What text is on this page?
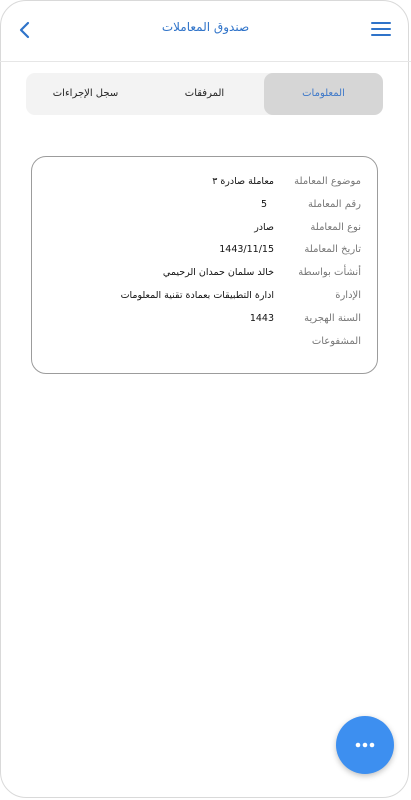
صندوق المعاملات
المعلومات
المرفقات
سجل الإجراءات
موضوع المعاملة
معاملة صادرة ٣
رقم المعاملة
5
نوع المعاملة
صادر
تاريخ المعاملة
1443/11/15
أنشأت بواسطة
خالد سلمان حمدان الرحيمي
الإدارة
ادارة التطبيقات بعمادة تقنية المعلومات
السنة الهجرية
1443
المشفوعات
